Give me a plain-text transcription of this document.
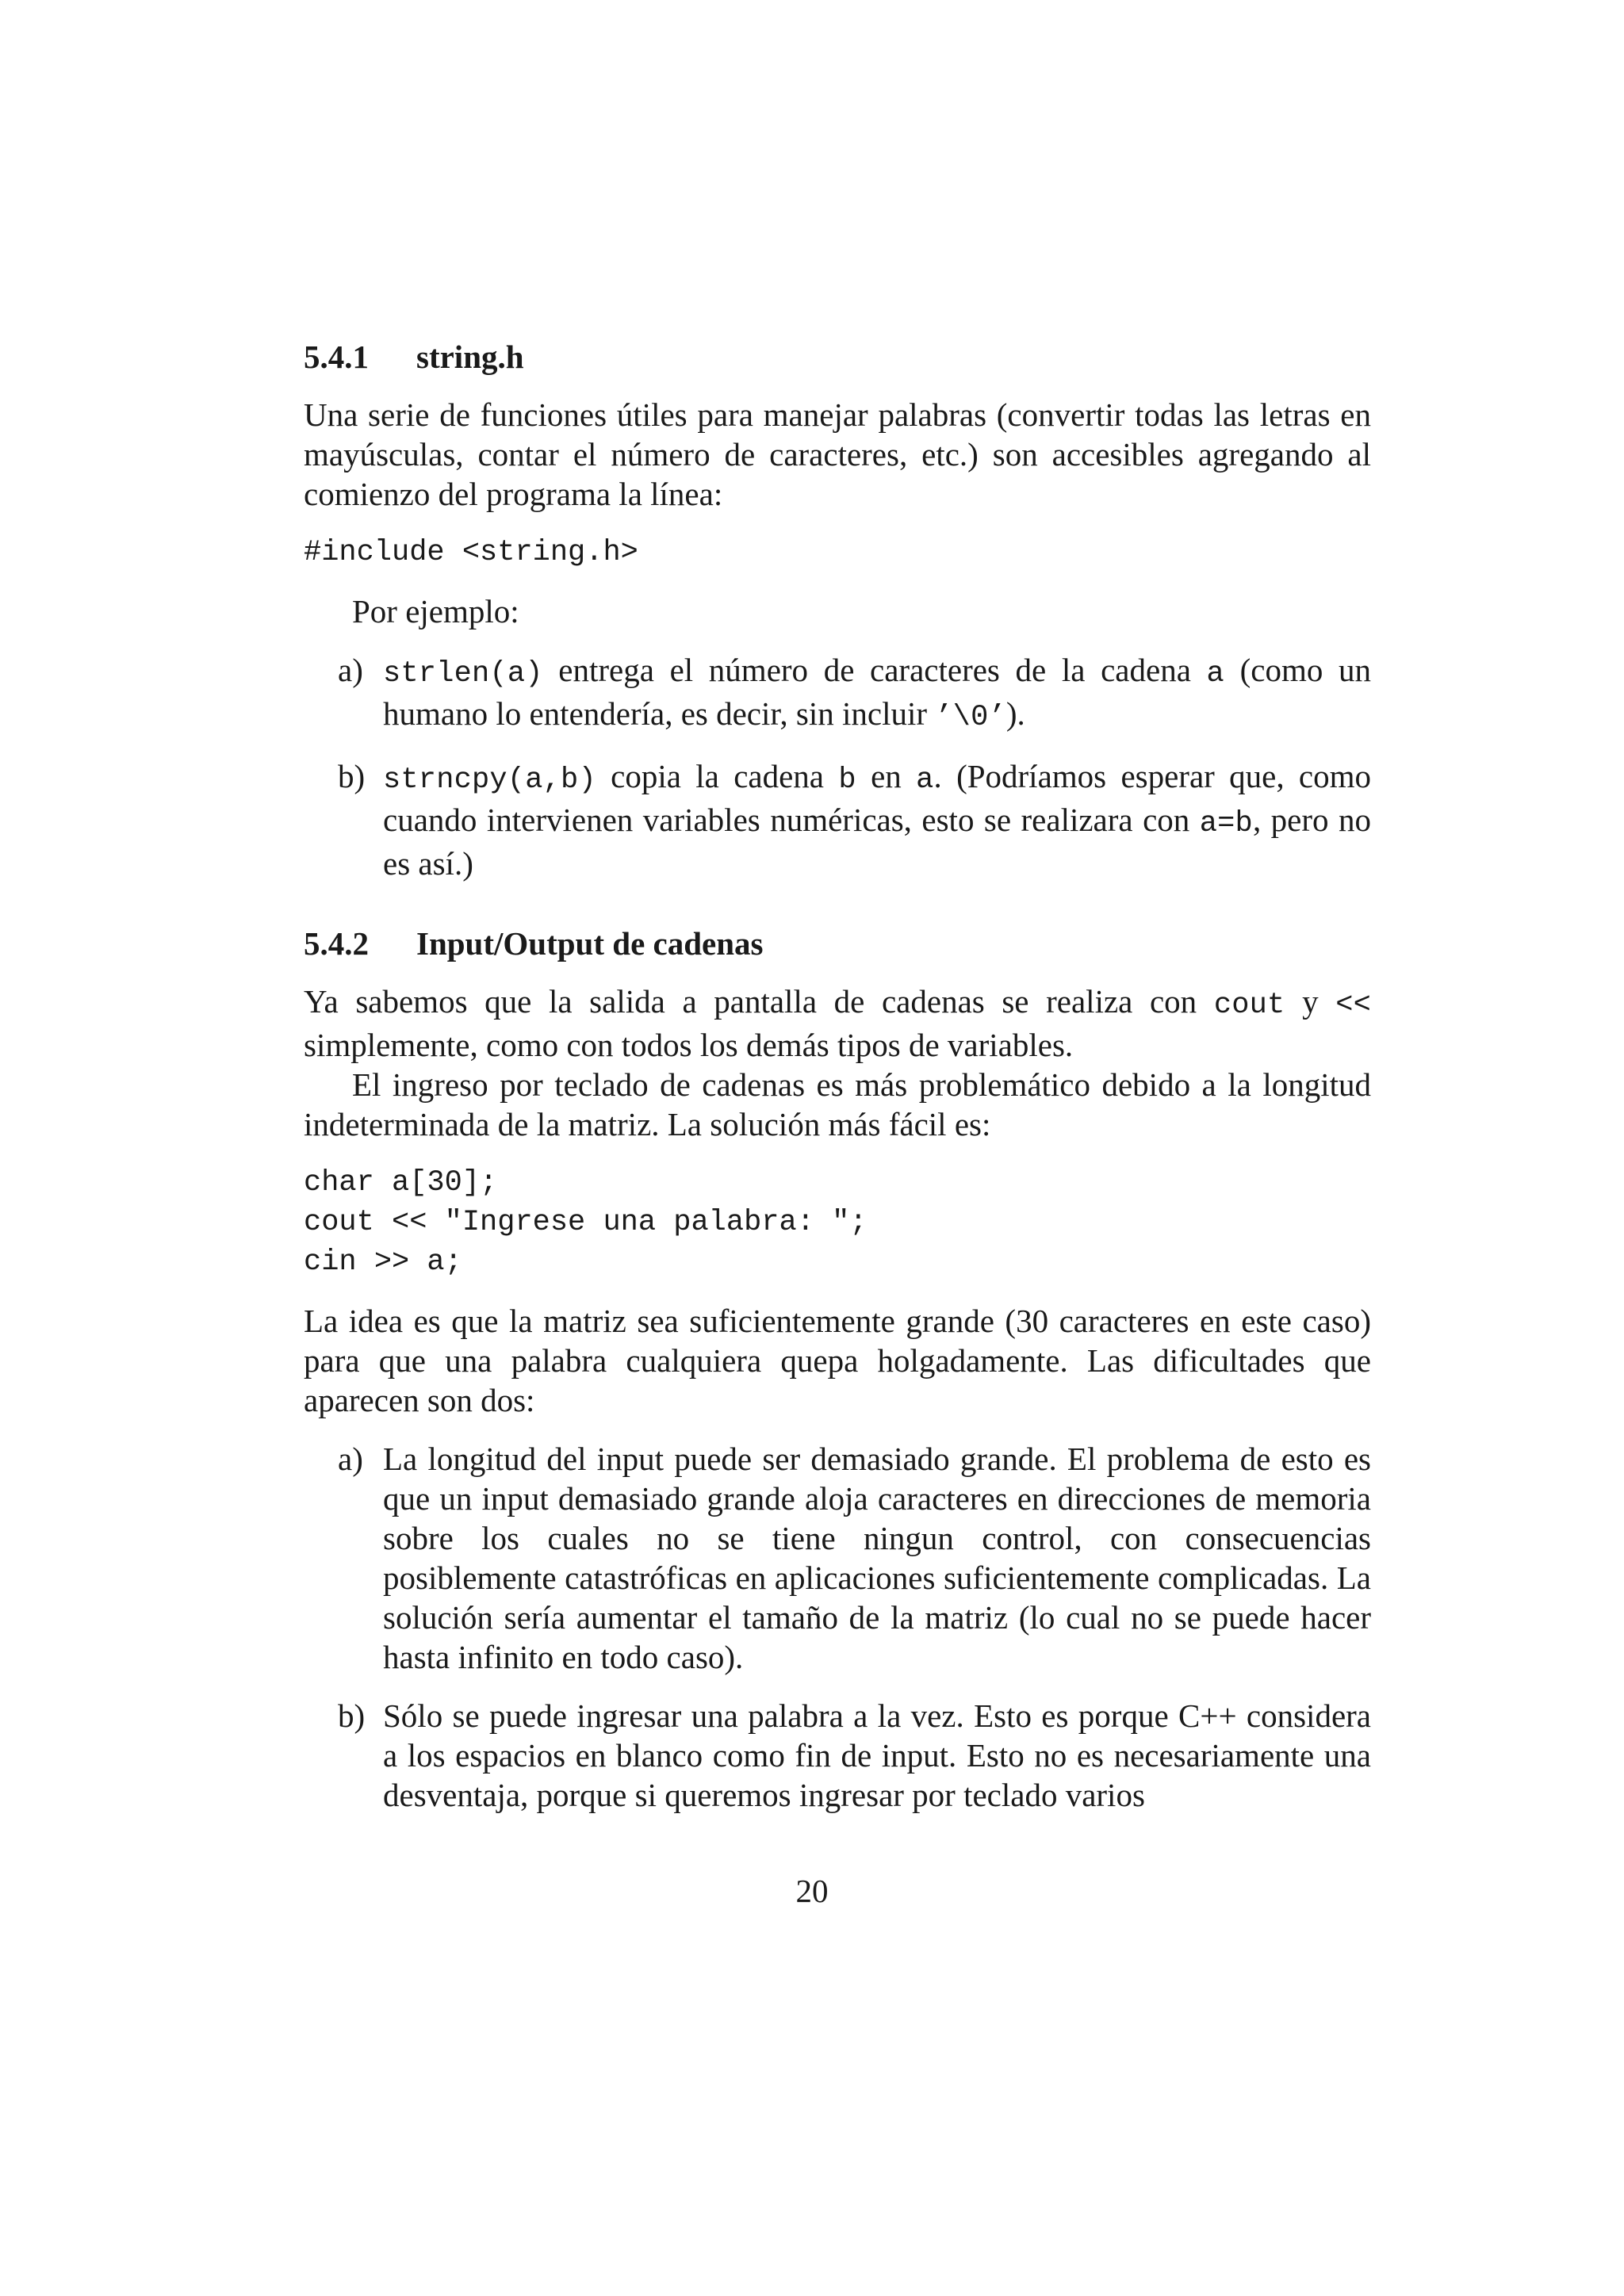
5.4.1	string.h

Una serie de funciones útiles para manejar palabras (convertir todas las letras en mayúsculas, contar el número de caracteres, etc.) son accesibles agregando al comienzo del programa la línea:

#include <string.h>

Por ejemplo:

a) strlen(a) entrega el número de caracteres de la cadena a (como un humano lo entendería, es decir, sin incluir ’\0’).
b) strncpy(a,b) copia la cadena b en a. (Podríamos esperar que, como cuando intervienen variables numéricas, esto se realizara con a=b, pero no es así.)
5.4.2	Input/Output de cadenas

Ya sabemos que la salida a pantalla de cadenas se realiza con cout y << simplemente, como con todos los demás tipos de variables.

El ingreso por teclado de cadenas es más problemático debido a la longitud indeterminada de la matriz. La solución más fácil es:

char a[30];
cout << "Ingrese una palabra: ";
cin >> a;

La idea es que la matriz sea suficientemente grande (30 caracteres en este caso) para que una palabra cualquiera quepa holgadamente. Las dificultades que aparecen son dos:

a) La longitud del input puede ser demasiado grande. El problema de esto es que un input demasiado grande aloja caracteres en direcciones de memoria sobre los cuales no se tiene ningun control, con consecuencias posiblemente catastróficas en aplicaciones suficientemente complicadas. La solución sería aumentar el tamaño de la matriz (lo cual no se puede hacer hasta infinito en todo caso).
b) Sólo se puede ingresar una palabra a la vez. Esto es porque C++ considera a los espacios en blanco como fin de input. Esto no es necesariamente una desventaja, porque si queremos ingresar por teclado varios
20
